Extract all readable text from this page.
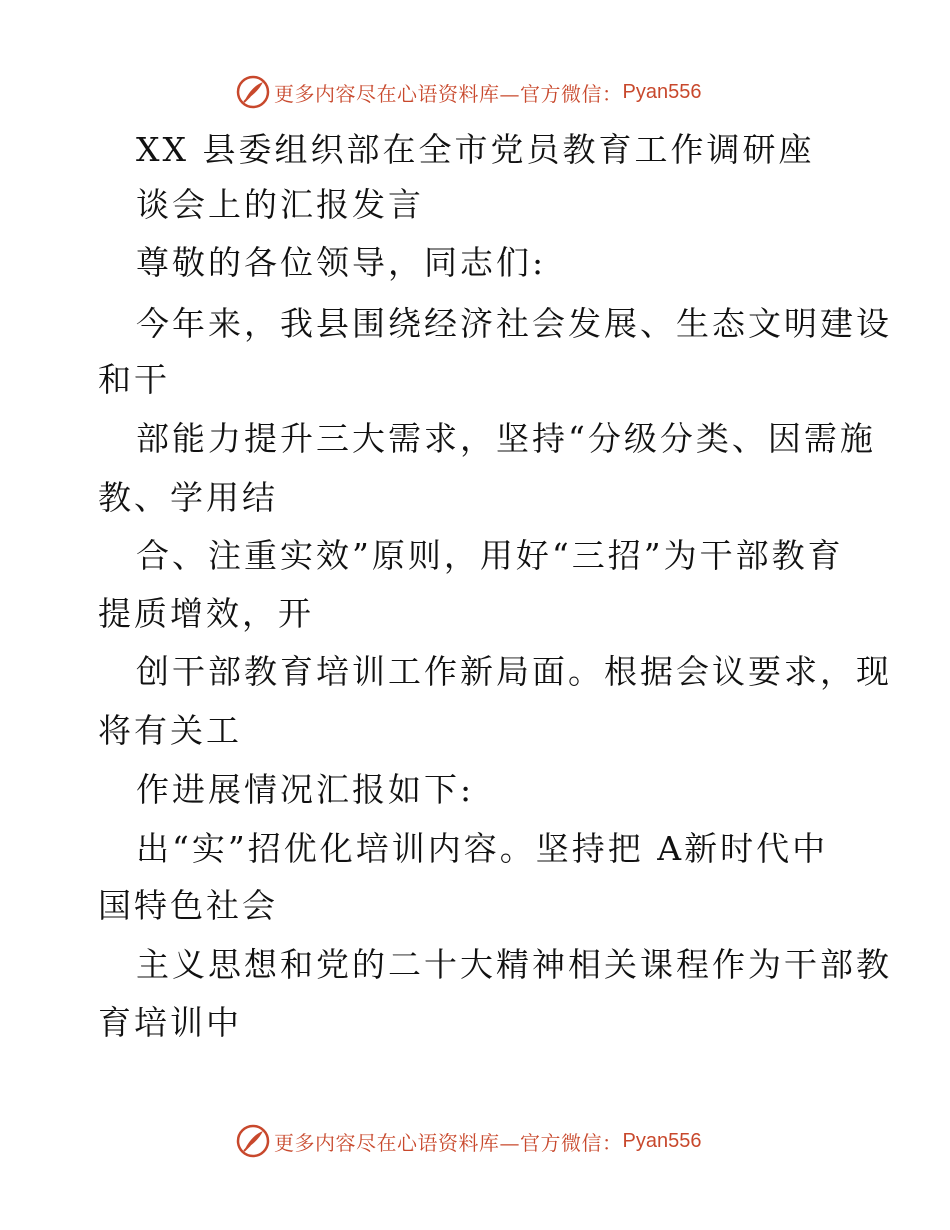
更多内容尽在心语资料库—官方微信： Pyan556
XX 县委组织部在全市党员教育工作调研座
谈会上的汇报发言
尊敬的各位领导，同志们:
今年来，我县围绕经济社会发展、生态文明建设
和干
部能力提升三大需求，坚持“分级分类、因需施
教、学用结
合、注重实效”原则，用好“三招”为干部教育
提质增效，开
创干部教育培训工作新局面。根据会议要求，现
将有关工
作进展情况汇报如下:
出“实”招优化培训内容。坚持把 A新时代中
国特色社会
主义思想和党的二十大精神相关课程作为干部教
育培训中
更多内容尽在心语资料库—官方微信： Pyan556
